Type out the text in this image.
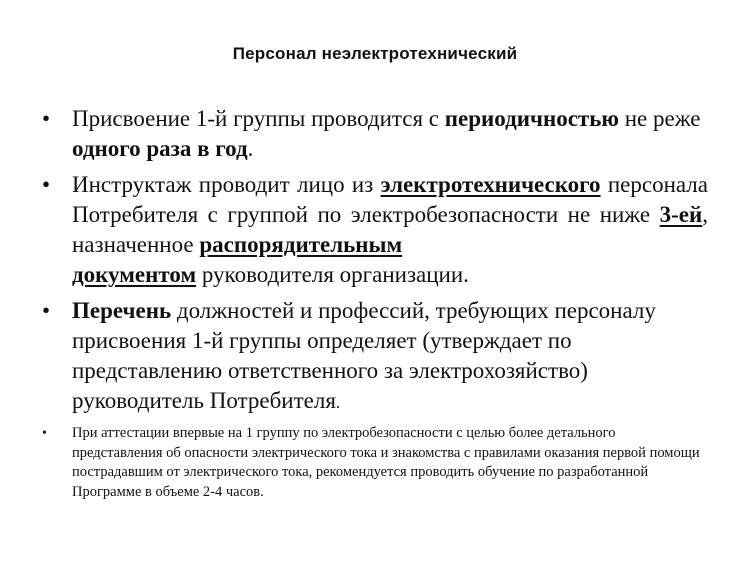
Персонал неэлектротехнический
• Присвоение 1-й группы проводится с периодичностью не реже одного раза в год.
• Инструктаж проводит лицо из электротехнического персонала Потребителя с группой по электробезопасности не ниже 3-ей, назначенное распорядительным
документом руководителя организации.
• Перечень должностей и профессий, требующих персоналу присвоения 1-й группы определяет (утверждает по представлению ответственного за электрохозяйство) руководитель Потребителя.
• При аттестации впервые на 1 группу по электробезопасности с целью более детального представления об опасности электрического тока и знакомства с правилами оказания первой помощи пострадавшим от электрического тока, рекомендуется проводить обучение по разработанной Программе в объеме 2-4 часов.
